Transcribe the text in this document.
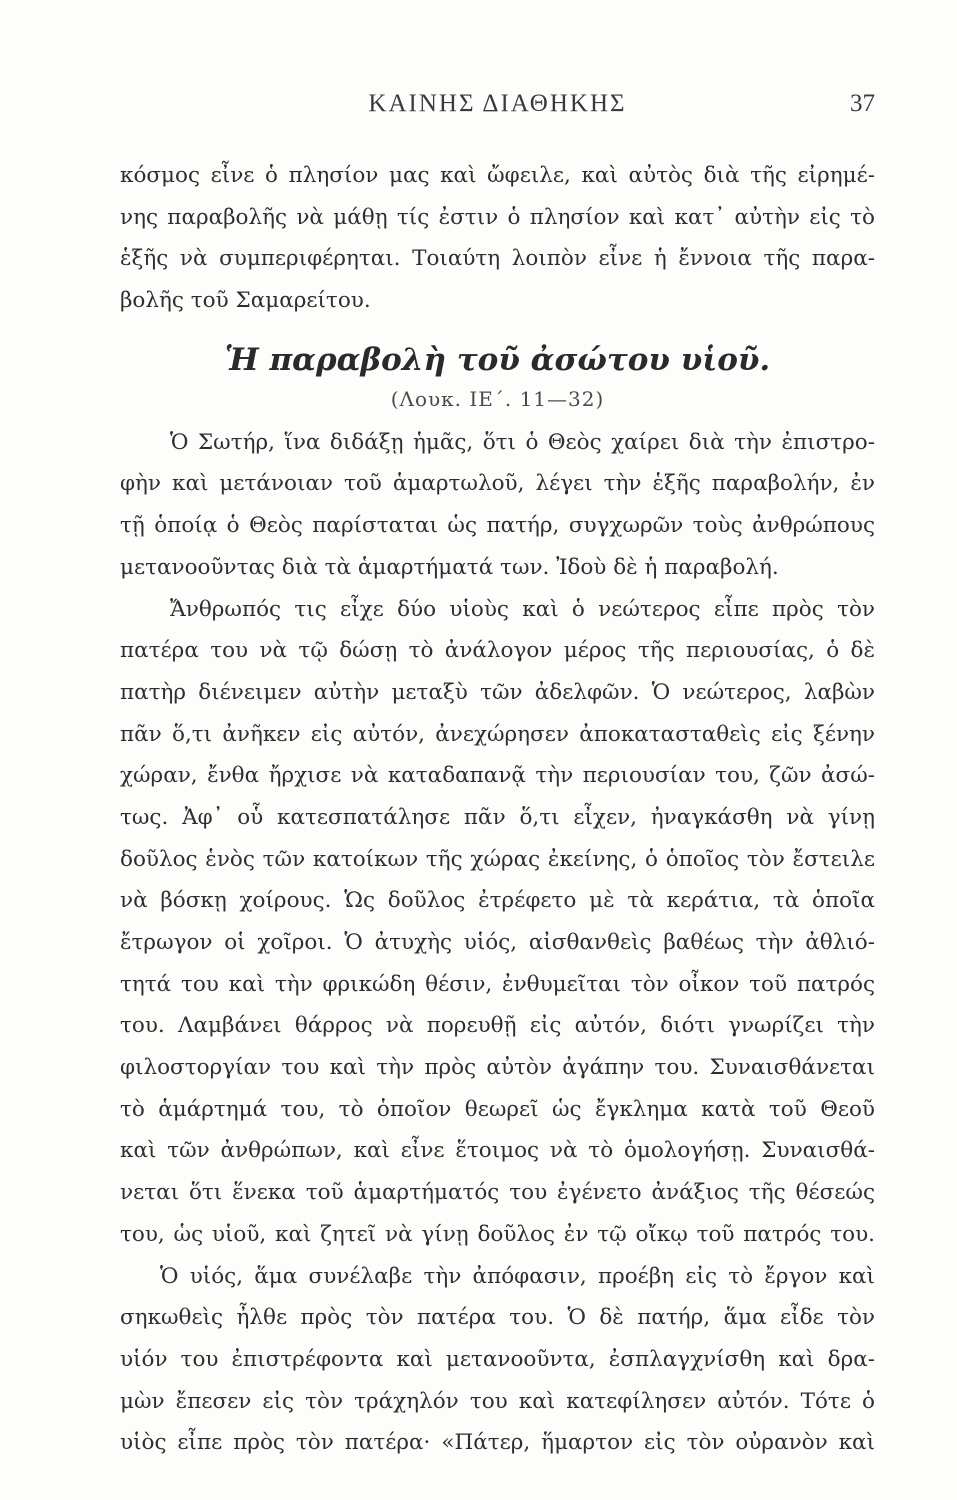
ΚΑΙΝΗΣ ΔΙΑΘΗΚΗΣ	37
κόσμος εἶνε ὁ πλησίον μας καὶ ὤφειλε, καὶ αὐτὸς διὰ τῆς εἰρημέ-
νης παραβολῆς νὰ μάθῃ τίς ἐστιν ὁ πλησίον καὶ κατ᾽ αὐτὴν εἰς τὸ
ἑξῆς νὰ συμπεριφέρηται. Τοιαύτη λοιπὸν εἶνε ἡ ἔννοια τῆς παρα-
βολῆς τοῦ Σαμαρείτου.
Ἡ παραβολὴ τοῦ ἀσώτου υἱοῦ.
(Λουκ. ΙΕ΄. 11—32)
Ὁ Σωτήρ, ἵνα διδάξῃ ἡμᾶς, ὅτι ὁ Θεὸς χαίρει διὰ τὴν ἐπιστρο-
φὴν καὶ μετάνοιαν τοῦ ἁμαρτωλοῦ, λέγει τὴν ἑξῆς παραβολήν, ἐν
τῇ ὁποίᾳ ὁ Θεὸς παρίσταται ὡς πατήρ, συγχωρῶν τοὺς ἀνθρώπους
μετανοοῦντας διὰ τὰ ἁμαρτήματά των. Ἰδοὺ δὲ ἡ παραβολή.
Ἄνθρωπός τις εἶχε δύο υἱοὺς καὶ ὁ νεώτερος εἶπε πρὸς τὸν
πατέρα του νὰ τῷ δώσῃ τὸ ἀνάλογον μέρος τῆς περιουσίας, ὁ δὲ
πατὴρ διένειμεν αὐτὴν μεταξὺ τῶν ἀδελφῶν. Ὁ νεώτερος, λαβὼν
πᾶν ὅ,τι ἀνῆκεν εἰς αὐτόν, ἀνεχώρησεν ἀποκατασταθεὶς εἰς ξένην
χώραν, ἔνθα ἤρχισε νὰ καταδαπανᾷ τὴν περιουσίαν του, ζῶν ἀσώ-
τως. Ἀφ᾽ οὗ κατεσπατάλησε πᾶν ὅ,τι εἶχεν, ἠναγκάσθη νὰ γίνῃ
δοῦλος ἑνὸς τῶν κατοίκων τῆς χώρας ἐκείνης, ὁ ὁποῖος τὸν ἔστειλε
νὰ βόσκῃ χοίρους. Ὡς δοῦλος ἐτρέφετο μὲ τὰ κεράτια, τὰ ὁποῖα
ἔτρωγον οἱ χοῖροι. Ὁ ἀτυχὴς υἱός, αἰσθανθεὶς βαθέως τὴν ἀθλιό-
τητά του καὶ τὴν φρικώδη θέσιν, ἐνθυμεῖται τὸν οἶκον τοῦ πατρός
του. Λαμβάνει θάρρος νὰ πορευθῇ εἰς αὐτόν, διότι γνωρίζει τὴν
φιλοστοργίαν του καὶ τὴν πρὸς αὐτὸν ἀγάπην του. Συναισθάνεται
τὸ ἁμάρτημά του, τὸ ὁποῖον θεωρεῖ ὡς ἔγκλημα κατὰ τοῦ Θεοῦ
καὶ τῶν ἀνθρώπων, καὶ εἶνε ἕτοιμος νὰ τὸ ὁμολογήσῃ. Συναισθά-
νεται ὅτι ἕνεκα τοῦ ἁμαρτήματός του ἐγένετο ἀνάξιος τῆς θέσεώς
του, ὡς υἱοῦ, καὶ ζητεῖ νὰ γίνῃ δοῦλος ἐν τῷ οἴκῳ τοῦ πατρός του.
Ὁ υἱός, ἅμα συνέλαβε τὴν ἀπόφασιν, προέβη εἰς τὸ ἔργον καὶ
σηκωθεὶς ἦλθε πρὸς τὸν πατέρα του. Ὁ δὲ πατήρ, ἅμα εἶδε τὸν
υἱόν του ἐπιστρέφοντα καὶ μετανοοῦντα, ἐσπλαγχνίσθη καὶ δρα-
μὼν ἔπεσεν εἰς τὸν τράχηλόν του καὶ κατεφίλησεν αὐτόν. Τότε ὁ
υἱὸς εἶπε πρὸς τὸν πατέρα· «Πάτερ, ἥμαρτον εἰς τὸν οὐρανὸν καὶ
